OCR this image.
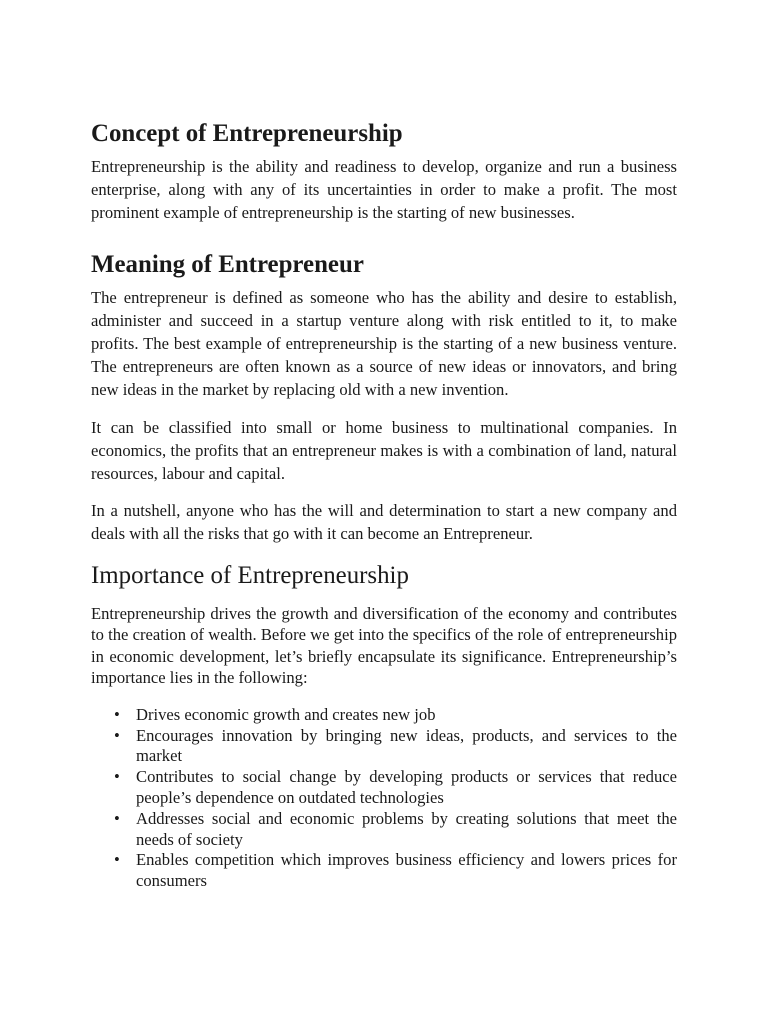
Concept of Entrepreneurship

Entrepreneurship is the ability and readiness to develop, organize and run a business enterprise, along with any of its uncertainties in order to make a profit. The most prominent example of entrepreneurship is the starting of new businesses.

Meaning of Entrepreneur

The entrepreneur is defined as someone who has the ability and desire to establish, administer and succeed in a startup venture along with risk entitled to it, to make profits. The best example of entrepreneurship is the starting of a new business venture. The entrepreneurs are often known as a source of new ideas or innovators, and bring new ideas in the market by replacing old with a new invention.

It can be classified into small or home business to multinational companies. In economics, the profits that an entrepreneur makes is with a combination of land, natural resources, labour and capital.

In a nutshell, anyone who has the will and determination to start a new company and deals with all the risks that go with it can become an Entrepreneur.

Importance of Entrepreneurship

Entrepreneurship drives the growth and diversification of the economy and contributes to the creation of wealth. Before we get into the specifics of the role of entrepreneurship in economic development, let’s briefly encapsulate its significance. Entrepreneurship’s importance lies in the following:

• Drives economic growth and creates new job
• Encourages innovation by bringing new ideas, products, and services to the market
• Contributes to social change by developing products or services that reduce people’s dependence on outdated technologies
• Addresses social and economic problems by creating solutions that meet the needs of society
• Enables competition which improves business efficiency and lowers prices for consumers
